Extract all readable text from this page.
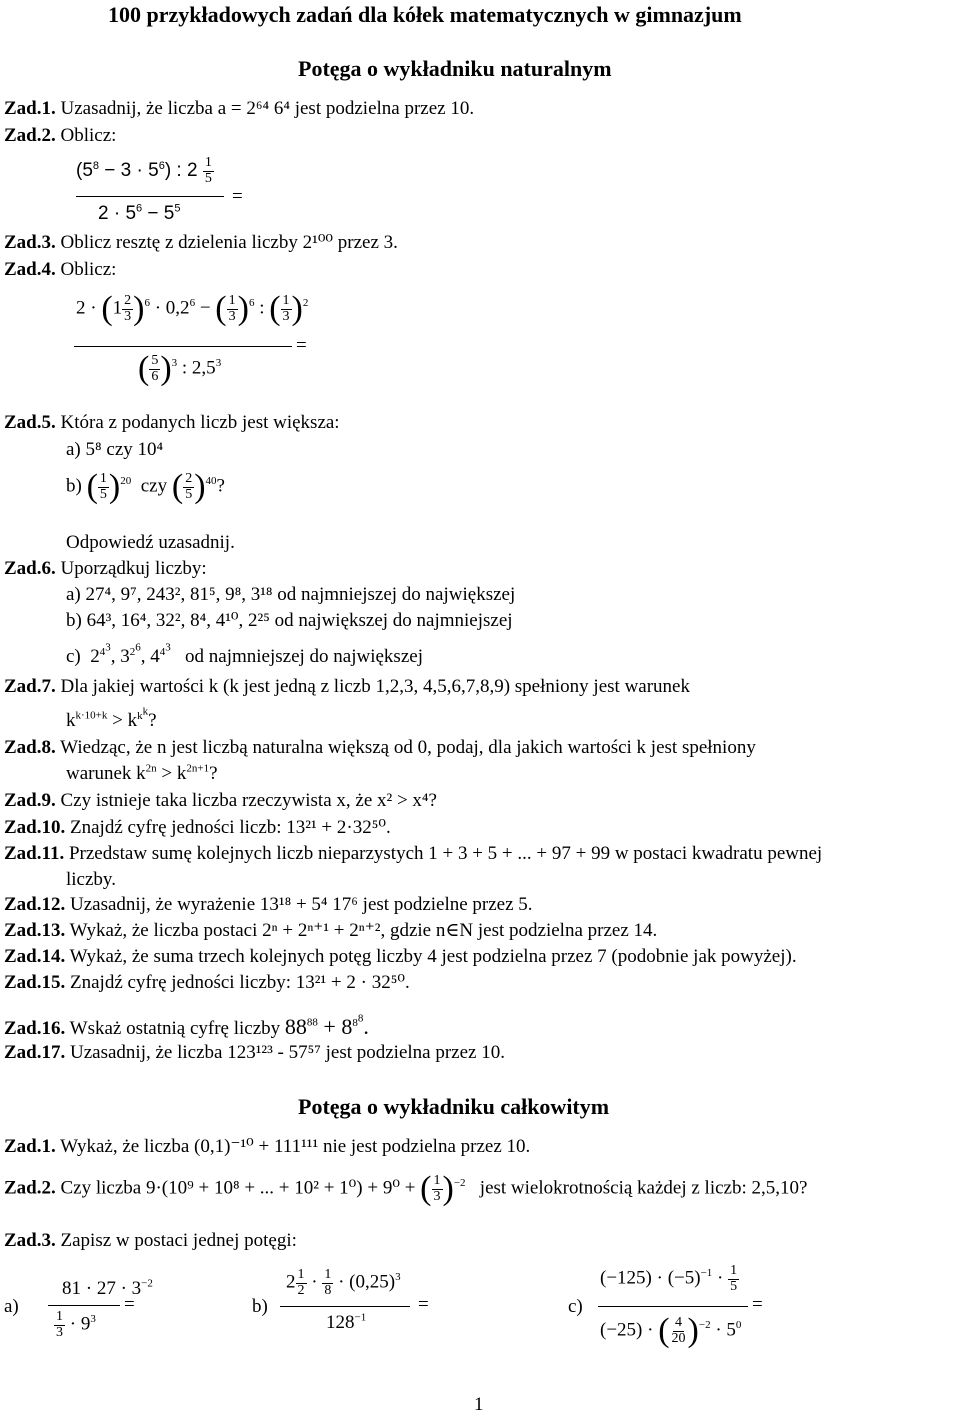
100 przykładowych zadań dla kółek matematycznych w gimnazjum
Potęga o wykładniku naturalnym
Zad.1. Uzasadnij, że liczba a = 2⁶⁴ 6⁴ jest podzielna przez 10.
Zad.2. Oblicz:
$(5^8 - 3 \cdot 5^6)$ : $2 \frac{1}{5}$
$2 \cdot 5^6 - 5^5$
=
Zad.3. Oblicz resztę z dzielenia liczby 2¹⁰⁰ przez 3.
Zad.4. Oblicz:
$2 \cdot (1 \frac{2}{3} )^6 \cdot 0,2^6$ − ( $\frac{1}{3} )^6$ : ( $\frac{1}{3} )^2$
=
( $\frac{5}{6} )^3$ : $2,5^3$
Zad.5. Która z podanych liczb jest większa:
a) 5⁸ czy 10⁴
b) ( $\frac{1}{5} )^{20}$ czy ( $\frac{2}{5} )^{40}$?
Odpowiedź uzasadnij.
Zad.6. Uporządkuj liczby:
a) 27⁴, 9⁷, 243², 81⁵, 9⁸, 3¹⁸ od najmniejszej do największej
b) 64³, 16⁴, 32², 8⁴, 4¹⁰, 2²⁵ od największej do najmniejszej
c)  $2^{4^3}$, $3^{2^6}$, $4^{4^3}$ od najmniejszej do największej
Zad.7. Dla jakiej wartości k (k jest jedną z liczb 1,2,3, 4,5,6,7,8,9) spełniony jest warunek
$k^{k\cdot 10+k} > k^{k^k}$?
Zad.8. Wiedząc, że n jest liczbą naturalna większą od 0, podaj, dla jakich wartości k jest spełniony
warunek $k^{2n} > k^{2n+1}$?
Zad.9. Czy istnieje taka liczba rzeczywista x, że x² > x⁴?
Zad.10. Znajdź cyfrę jedności liczb: 13²¹ + 2·32⁵⁰.
Zad.11. Przedstaw sumę kolejnych liczb nieparzystych 1 + 3 + 5 + ... + 97 + 99 w postaci kwadratu pewnej
liczby.
Zad.12. Uzasadnij, że wyrażenie 13¹⁸ + 5⁴ 17⁶ jest podzielne przez 5.
Zad.13. Wykaż, że liczba postaci 2ⁿ + 2ⁿ⁺¹ + 2ⁿ⁺², gdzie n∈N jest podzielna przez 14.
Zad.14. Wykaż, że suma trzech kolejnych potęg liczby 4 jest podzielna przez 7 (podobnie jak powyżej).
Zad.15. Znajdź cyfrę jedności liczby: 13²¹ + 2 · 32⁵⁰.
Zad.16. Wskaż ostatnią cyfrę liczby $88^{88} + 8^{8^8}$.
Zad.17. Uzasadnij, że liczba 123¹²³ - 57⁵⁷ jest podzielna przez 10.
Potęga o wykładniku całkowitym
Zad.1. Wykaż, że liczba (0,1)⁻¹⁰ + 111¹¹¹ nie jest podzielna przez 10.
Zad.2. Czy liczba 9·(10⁹ + 10⁸ + ... + 10² + 1⁰) + 9⁰ + ( $\frac{1}{3} )^{-2}$ jest wielokrotnością każdej z liczb: 2,5,10?
Zad.3. Zapisz w postaci jednej potęgi:
a)
$81 \cdot 27 \cdot 3^{-2}$
$\frac{1}{3} \cdot 9^3$
=	b)
$2 \frac{1}{2} \cdot \frac{1}{8} \cdot (0,25)^3$
$128^{-1}$
=	c)
$(-125) \cdot (-5)^{-1} \cdot \frac{1}{5}$
(−25) · ( $\frac{4}{20} )^{-2} \cdot 5^0$
=
1
